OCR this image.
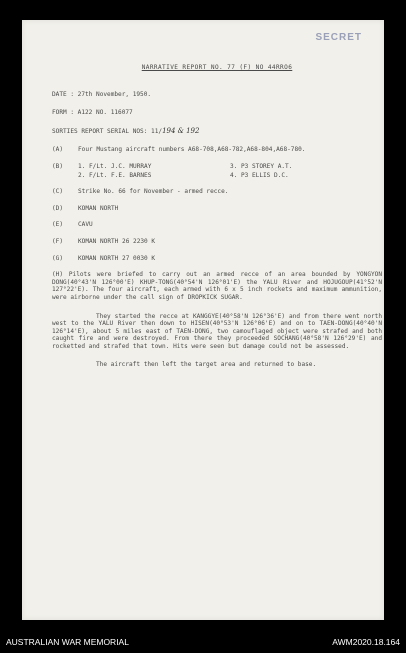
SECRET
NARRATIVE REPORT NO. 77 (F) NO 44RRO6
DATE : 27th November, 1950.
FORM : A122 NO. 116077
SORTIES REPORT SERIAL NOS: 11/194 & 192
(A)	Four Mustang aircraft numbers A68-708,A68-782,A68-804,A68-780.
(B)	1. F/Lt. J.C. MURRAY	3. P3 STOREY A.T.
2. F/Lt. F.E. BARNES	4. P3 ELLIS D.C.
(C)	Strike No. 66 for November - armed recce.
(D)	KOMAN NORTH
(E)	CAVU
(F)	KOMAN NORTH 26 2230 K
(G)	KOMAN NORTH 27 0030 K
(H) Pilots were briefed to carry out an armed recce of an area bounded by YONGYON DONG(40°43'N 126°00'E) KHUP-TONG(40°54'N 126°01'E) the YALU River and HOJUGOUP(41°52'N 127°22'E). The four aircraft, each armed with 6 x 5 inch rockets and maximum ammunition, were airborne under the call sign of DROPKICK SUGAR.
They started the recce at KANGGYE(40°58'N 126°36'E) and from there went north west to the YALU River then down to HISEN(40°53'N 126°06'E) and on to TAEN-DONG(40°40'N 126°14'E), about 5 miles east of TAEN-DONG, two camouflaged object were strafed and both caught fire and were destroyed. From there they proceeded SOCHANG(40°58'N 126°29'E) and rocketted and strafed that town. Hits were seen but damage could not be assessed.
The aircraft then left the target area and returned to base.
AUSTRALIAN WAR MEMORIAL	AWM2020.18.164
